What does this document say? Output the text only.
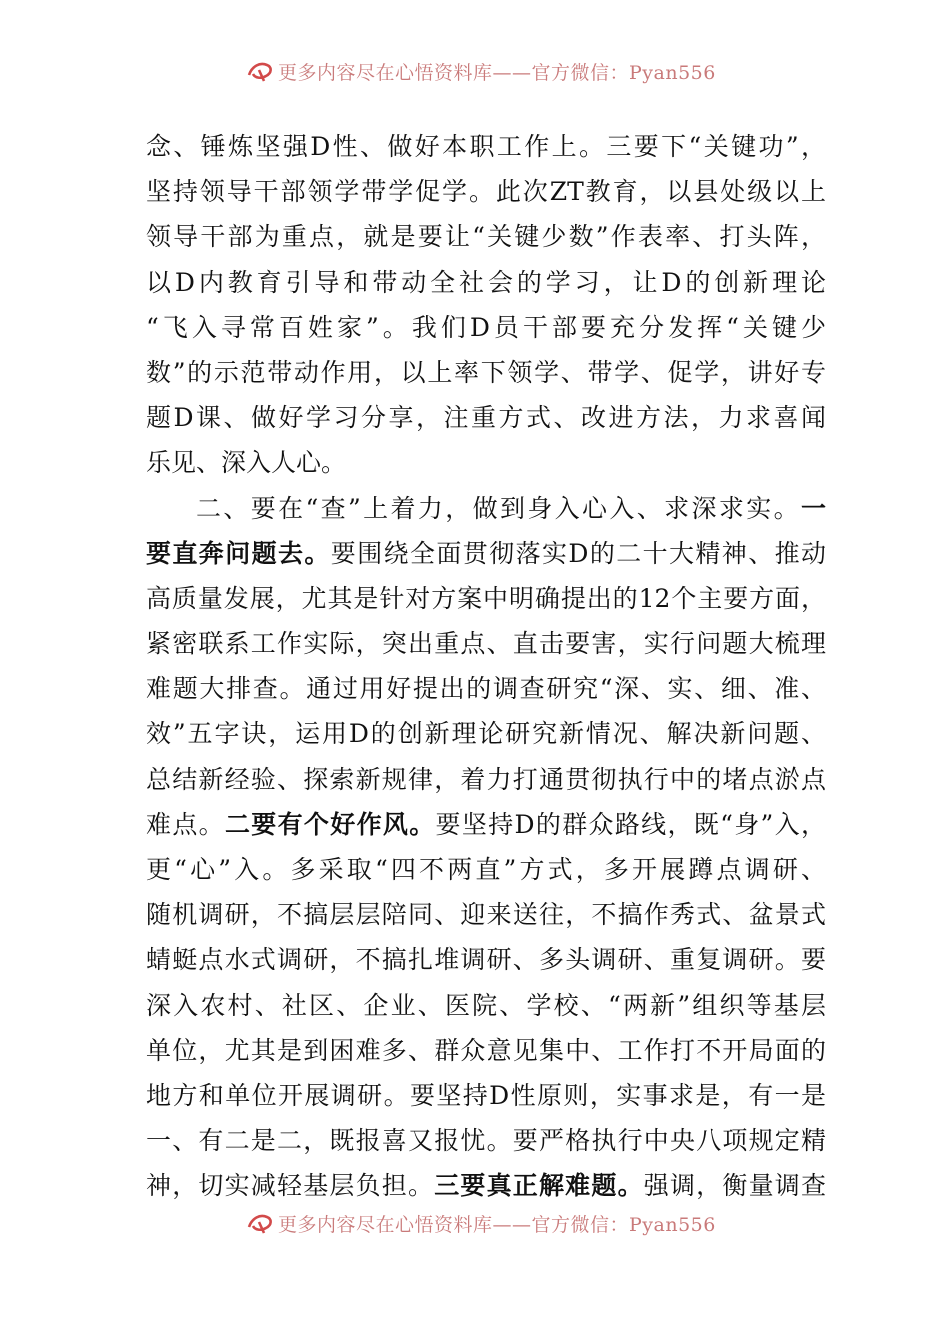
更多内容尽在心悟资料库——官方微信：Pyan556
念、锤炼坚强D性、做好本职工作上。三要下“关键功”，
坚持领导干部领学带学促学。此次ZT教育，以县处级以上
领导干部为重点，就是要让“关键少数”作表率、打头阵，
以D内教育引导和带动全社会的学习，让D的创新理论
“飞入寻常百姓家”。我们D员干部要充分发挥“关键少
数”的示范带动作用，以上率下领学、带学、促学，讲好专
题D课、做好学习分享，注重方式、改进方法，力求喜闻
乐见、深入人心。
二、要在“查”上着力，做到身入心入、求深求实。一
要直奔问题去。要围绕全面贯彻落实D的二十大精神、推动
高质量发展，尤其是针对方案中明确提出的12个主要方面，
紧密联系工作实际，突出重点、直击要害，实行问题大梳理
难题大排查。通过用好提出的调查研究“深、实、细、准、
效”五字诀，运用D的创新理论研究新情况、解决新问题、
总结新经验、探索新规律，着力打通贯彻执行中的堵点淤点
难点。二要有个好作风。要坚持D的群众路线，既“身”入，
更“心”入。多采取“四不两直”方式，多开展蹲点调研、
随机调研，不搞层层陪同、迎来送往，不搞作秀式、盆景式
蜻蜓点水式调研，不搞扎堆调研、多头调研、重复调研。要
深入农村、社区、企业、医院、学校、“两新”组织等基层
单位，尤其是到困难多、群众意见集中、工作打不开局面的
地方和单位开展调研。要坚持D性原则，实事求是，有一是
一、有二是二，既报喜又报忧。要严格执行中央八项规定精
神，切实减轻基层负担。三要真正解难题。强调，衡量调查
更多内容尽在心悟资料库——官方微信：Pyan556
